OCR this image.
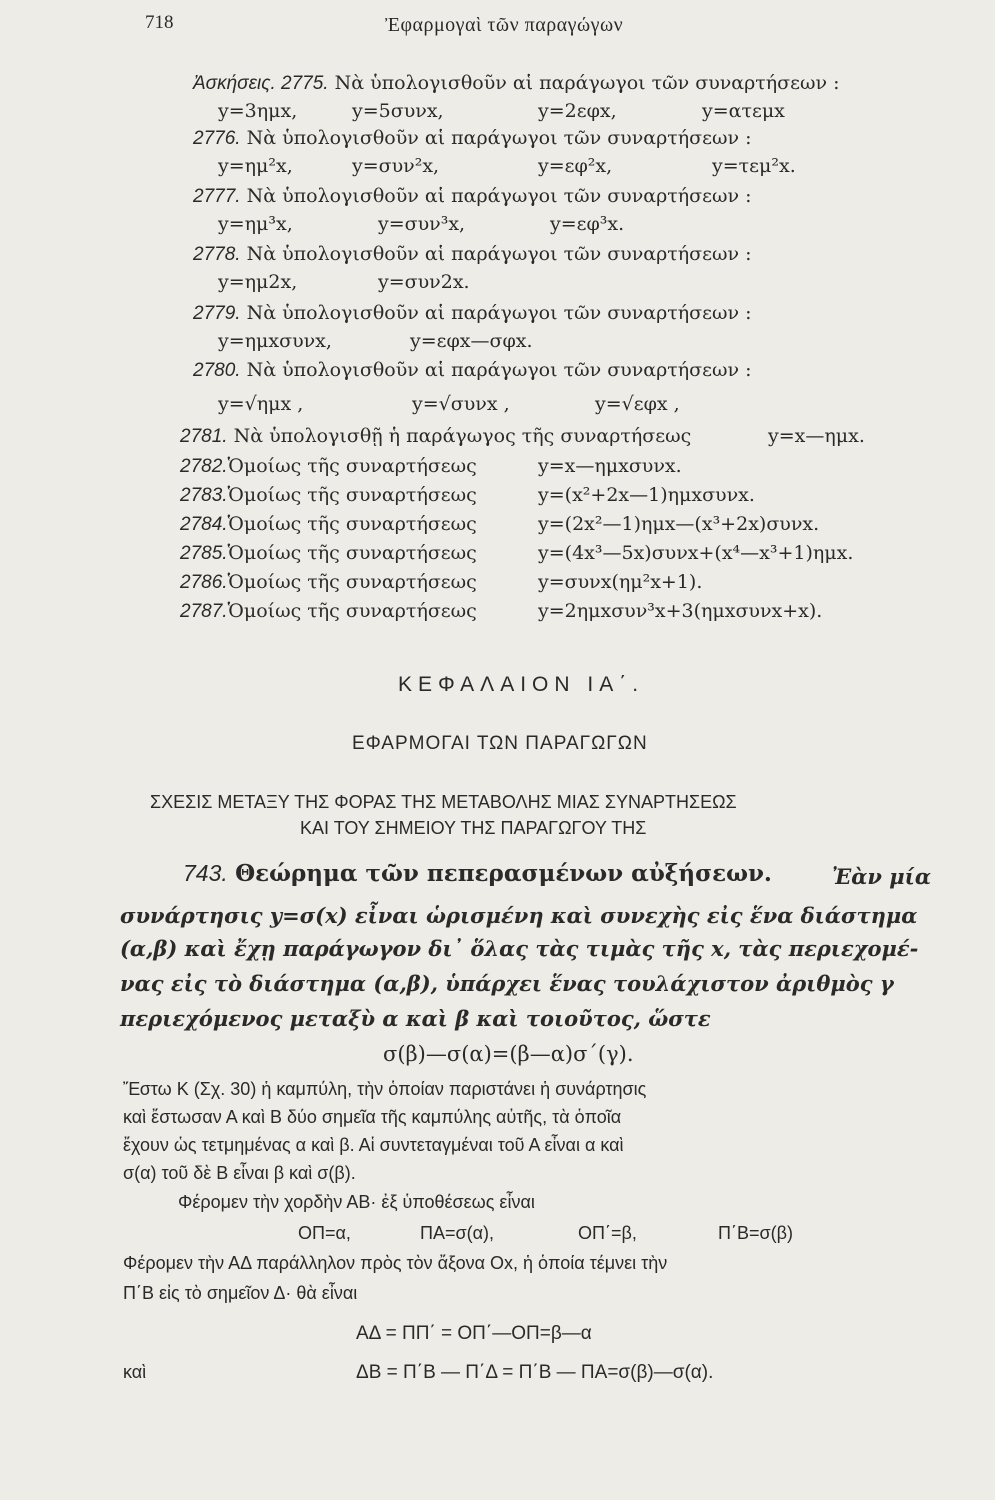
718	Ἐφαρμογαὶ τῶν παραγώγων
Ἀσκήσεις. 2775. Νὰ ὑπολογισθοῦν αἱ παράγωγοι τῶν συναρτήσεων :
y=3ημx,	y=5συνx,	y=2εφx,	y=ατεμx
2776. Νὰ ὑπολογισθοῦν αἱ παράγωγοι τῶν συναρτήσεων :
y=ημ²x,	y=συν²x,	y=εφ²x,	y=τεμ²x.
2777. Νὰ ὑπολογισθοῦν αἱ παράγωγοι τῶν συναρτήσεων :
y=ημ³x,	y=συν³x,	y=εφ³x.
2778. Νὰ ὑπολογισθοῦν αἱ παράγωγοι τῶν συναρτήσεων :
y=ημ2x,	y=συν2x.
2779. Νὰ ὑπολογισθοῦν αἱ παράγωγοι τῶν συναρτήσεων :
y=ημxσυνx,	y=εφx—σφx.
2780. Νὰ ὑπολογισθοῦν αἱ παράγωγοι τῶν συναρτήσεων :
y=√ημx ,	y=√συνx ,	y=√εφx ,
2781. Νὰ ὑπολογισθῇ ἡ παράγωγος τῆς συναρτήσεως	y=x—ημx.
2782.Ὁμοίως τῆς συναρτήσεως	y=x—ημxσυνx.
2783.Ὁμοίως τῆς συναρτήσεως	y=(x²+2x—1)ημxσυνx.
2784.Ὁμοίως τῆς συναρτήσεως	y=(2x²—1)ημx—(x³+2x)συνx.
2785.Ὁμοίως τῆς συναρτήσεως	y=(4x³—5x)συνx+(x⁴—x³+1)ημx.
2786.Ὁμοίως τῆς συναρτήσεως	y=συνx(ημ²x+1).
2787.Ὁμοίως τῆς συναρτήσεως	y=2ημxσυν³x+3(ημxσυνx+x).
ΚΕΦΑΛΑΙΟΝ ΙΑ΄.
ΕΦΑΡΜΟΓΑΙ ΤΩΝ ΠΑΡΑΓΩΓΩΝ
ΣΧΕΣΙΣ ΜΕΤΑΞΥ ΤΗΣ ΦΟΡΑΣ ΤΗΣ ΜΕΤΑΒΟΛΗΣ ΜΙΑΣ ΣΥΝΑΡΤΗΣΕΩΣ
ΚΑΙ ΤΟΥ ΣΗΜΕΙΟΥ ΤΗΣ ΠΑΡΑΓΩΓΟΥ ΤΗΣ
743. Θεώρημα τῶν πεπερασμένων αὐξήσεων.	Ἐὰν μία
συνάρτησις y=σ(x) εἶναι ὡρισμένη καὶ συνεχὴς εἰς ἕνα διάστημα
(α,β) καὶ ἔχῃ παράγωγον δι᾿ ὅλας τὰς τιμὰς τῆς x, τὰς περιεχομέ-
νας εἰς τὸ διάστημα (α,β), ὑπάρχει ἕνας τουλάχιστον ἀριθμὸς γ
περιεχόμενος μεταξὺ α καὶ β καὶ τοιοῦτος, ὥστε
σ(β)—σ(α)=(β—α)σ΄(γ).
Ἔστω Κ (Σχ. 30) ἡ καμπύλη, τὴν ὁποίαν παριστάνει ἡ συνάρτησις
καὶ ἔστωσαν Α καὶ Β δύο σημεῖα τῆς καμπύλης αὐτῆς, τὰ ὁποῖα
ἔχουν ὡς τετμημένας α καὶ β. Αἱ συντεταγμέναι τοῦ Α εἶναι α καὶ
σ(α) τοῦ δὲ Β εἶναι β καὶ σ(β).
Φέρομεν τὴν χορδὴν ΑΒ· ἐξ ὑποθέσεως εἶναι
ΟΠ=α,	ΠΑ=σ(α),	ΟΠ΄=β,	Π΄Β=σ(β)
Φέρομεν τὴν ΑΔ παράλληλον πρὸς τὸν ἄξονα Οx, ἡ ὁποία τέμνει τὴν
Π΄Β εἰς τὸ σημεῖον Δ· θὰ εἶναι
ΑΔ = ΠΠ΄ = ΟΠ΄—ΟΠ=β—α
καὶ	ΔΒ = Π΄Β — Π΄Δ = Π΄Β — ΠΑ=σ(β)—σ(α).
